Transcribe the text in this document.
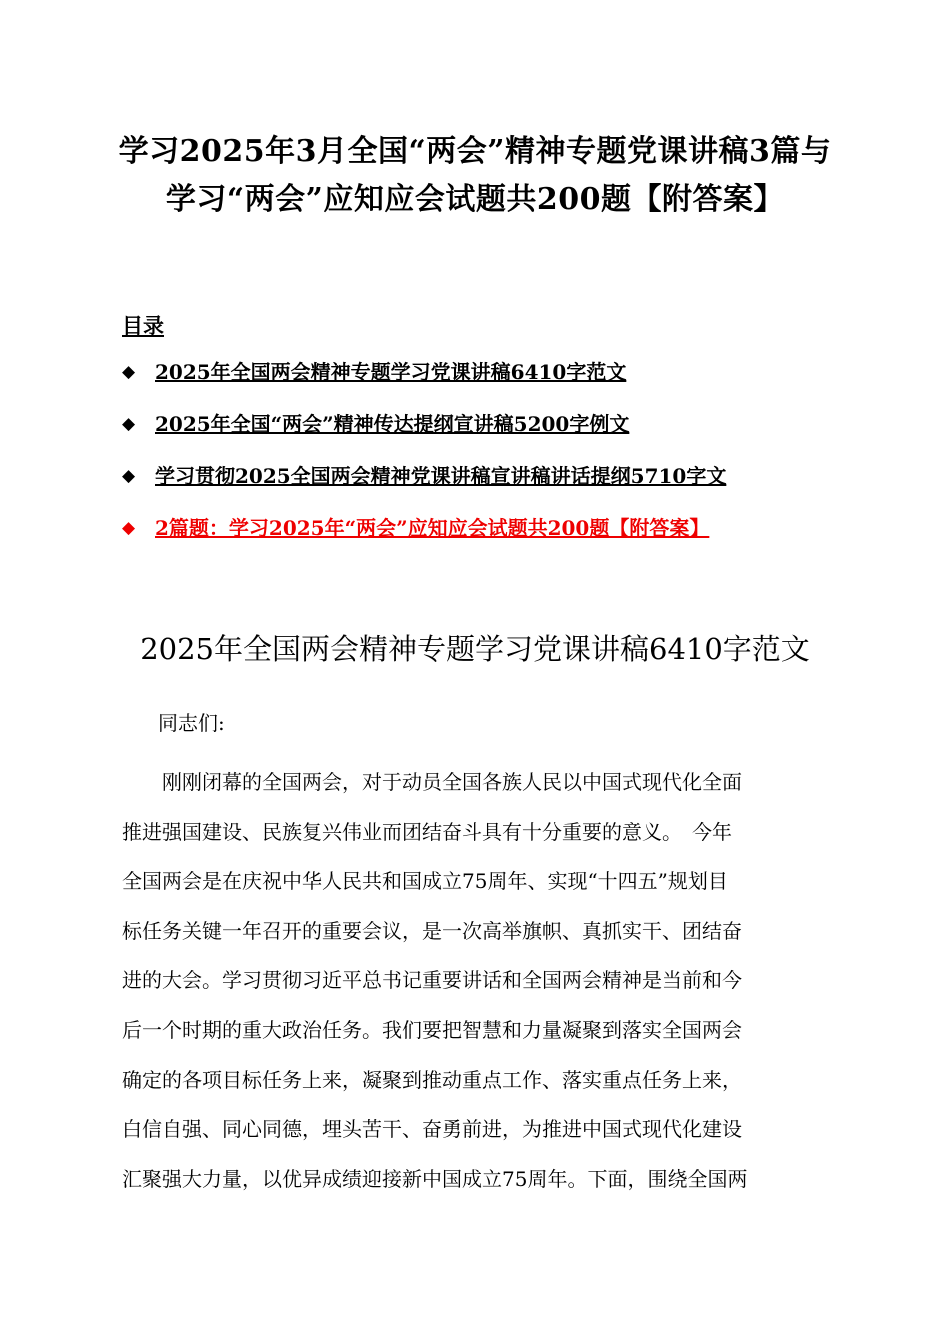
学习2025年3月全国“两会”精神专题党课讲稿3篇与
学习“两会”应知应会试题共200题【附答案】
目录
◆ 2025年全国两会精神专题学习党课讲稿6410字范文
◆ 2025年全国“两会”精神传达提纲宣讲稿5200字例文
◆ 学习贯彻2025全国两会精神党课讲稿宣讲稿讲话提纲5710字文
◆ 2篇题：学习2025年“两会”应知应会试题共200题【附答案】
2025年全国两会精神专题学习党课讲稿6410字范文
同志们:
　　刚刚闭幕的全国两会，对于动员全国各族人民以中国式现代化全面
推进强国建设、民族复兴伟业而团结奋斗具有十分重要的意义。　今年
全国两会是在庆祝中华人民共和国成立75周年、实现“十四五”规划目
标任务关键一年召开的重要会议，是一次高举旗帜、真抓实干、团结奋
进的大会。学习贯彻习近平总书记重要讲话和全国两会精神是当前和今
后一个时期的重大政治任务。我们要把智慧和力量凝聚到落实全国两会
确定的各项目标任务上来，凝聚到推动重点工作、落实重点任务上来，
白信自强、同心同德，埋头苦干、奋勇前进，为推进中国式现代化建设
汇聚强大力量，以优异成绩迎接新中国成立75周年。下面，围绕全国两
